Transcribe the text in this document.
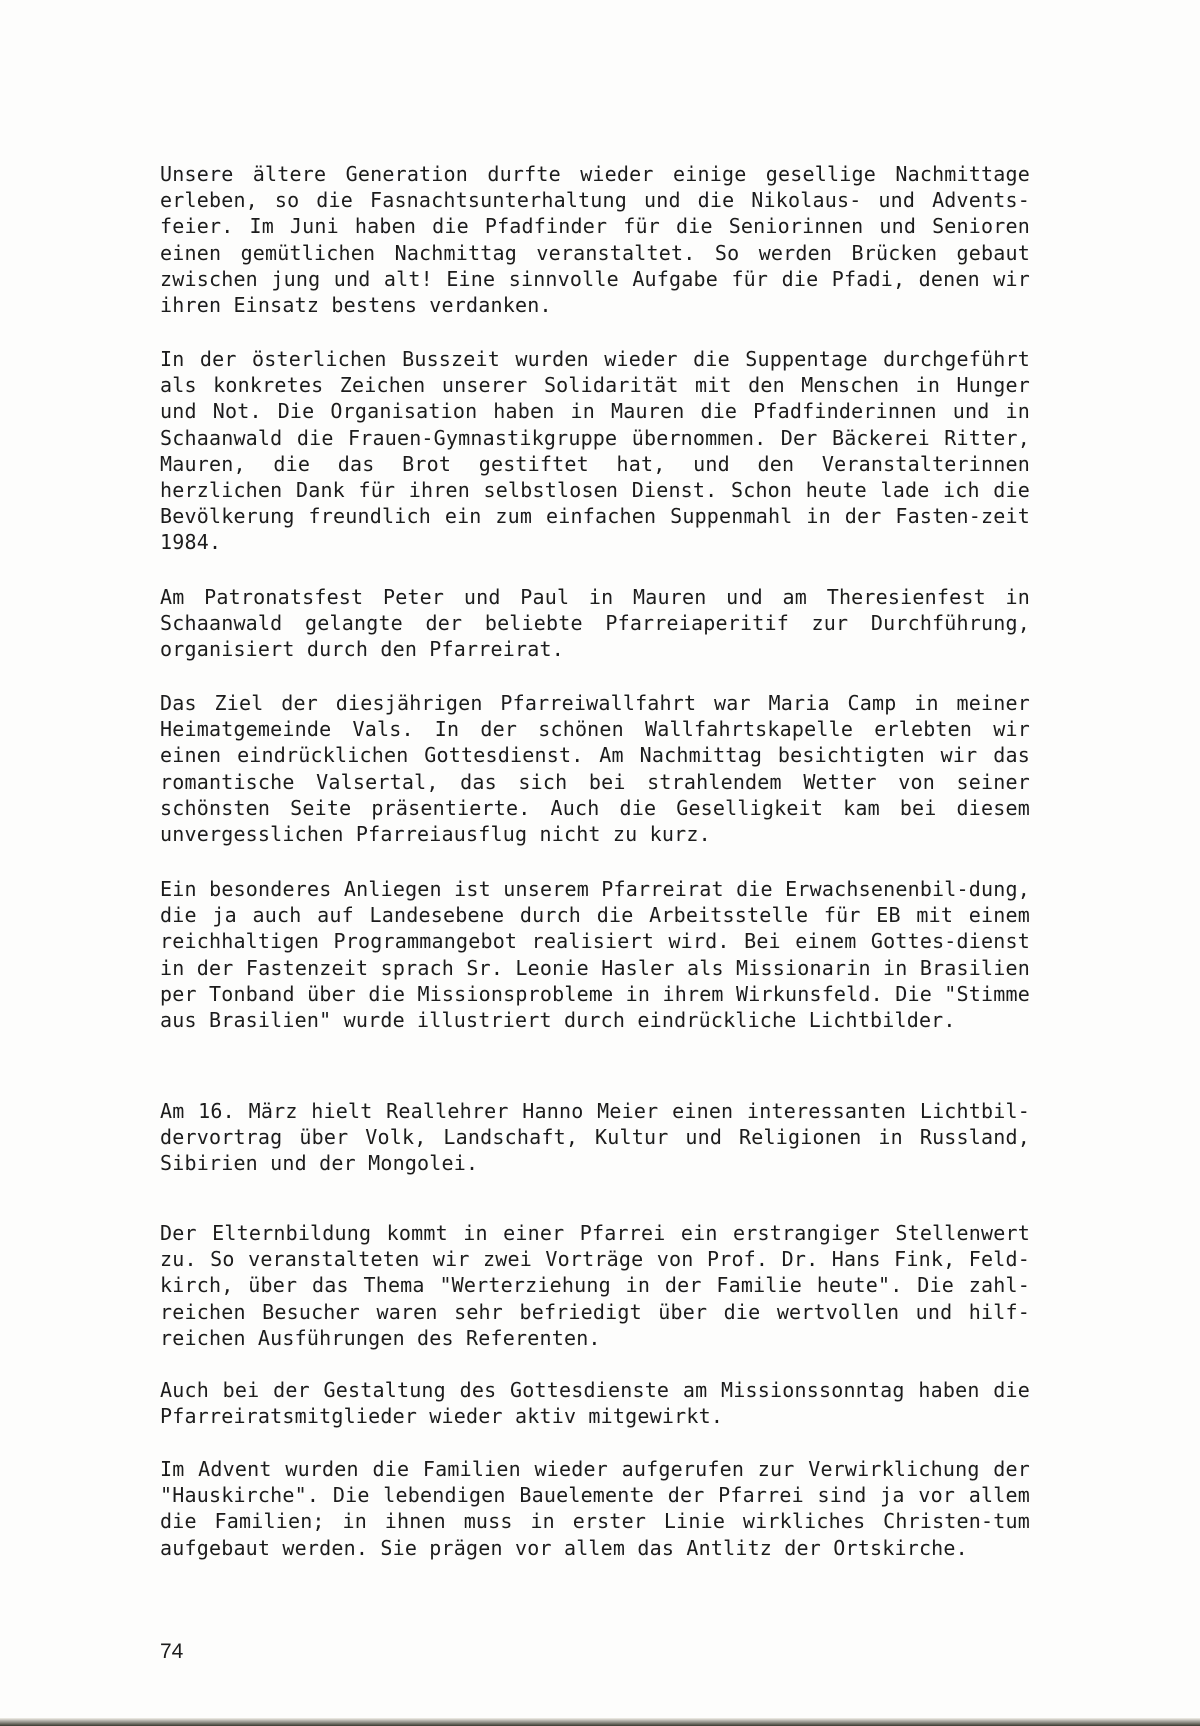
Unsere ältere Generation durfte wieder einige gesellige Nachmittage erleben, so die Fasnachtsunterhaltung und die Nikolaus- und Advents-feier. Im Juni haben die Pfadfinder für die Seniorinnen und Senioren einen gemütlichen Nachmittag veranstaltet. So werden Brücken gebaut zwischen jung und alt! Eine sinnvolle Aufgabe für die Pfadi, denen wir ihren Einsatz bestens verdanken.

In der österlichen Busszeit wurden wieder die Suppentage durchgeführt als konkretes Zeichen unserer Solidarität mit den Menschen in Hunger und Not. Die Organisation haben in Mauren die Pfadfinderinnen und in Schaanwald die Frauen-Gymnastikgruppe übernommen. Der Bäckerei Ritter, Mauren, die das Brot gestiftet hat, und den Veranstalterinnen herzlichen Dank für ihren selbstlosen Dienst. Schon heute lade ich die Bevölkerung freundlich ein zum einfachen Suppenmahl in der Fasten-zeit 1984.

Am Patronatsfest Peter und Paul in Mauren und am Theresienfest in Schaanwald gelangte der beliebte Pfarreiaperitif zur Durchführung, organisiert durch den Pfarreirat.

Das Ziel der diesjährigen Pfarreiwallfahrt war Maria Camp in meiner Heimatgemeinde Vals. In der schönen Wallfahrtskapelle erlebten wir einen eindrücklichen Gottesdienst. Am Nachmittag besichtigten wir das romantische Valsertal, das sich bei strahlendem Wetter von seiner schönsten Seite präsentierte. Auch die Geselligkeit kam bei diesem unvergesslichen Pfarreiausflug nicht zu kurz.

Ein besonderes Anliegen ist unserem Pfarreirat die Erwachsenenbil-dung, die ja auch auf Landesebene durch die Arbeitsstelle für EB mit einem reichhaltigen Programmangebot realisiert wird. Bei einem Gottes-dienst in der Fastenzeit sprach Sr. Leonie Hasler als Missionarin in Brasilien per Tonband über die Missionsprobleme in ihrem Wirkunsfeld. Die "Stimme aus Brasilien" wurde illustriert durch eindrückliche Lichtbilder.

Am 16. März hielt Reallehrer Hanno Meier einen interessanten Lichtbil-dervortrag über Volk, Landschaft, Kultur und Religionen in Russland, Sibirien und der Mongolei.

Der Elternbildung kommt in einer Pfarrei ein erstrangiger Stellenwert zu. So veranstalteten wir zwei Vorträge von Prof. Dr. Hans Fink, Feld-kirch, über das Thema "Werterziehung in der Familie heute". Die zahl-reichen Besucher waren sehr befriedigt über die wertvollen und hilf-reichen Ausführungen des Referenten.

Auch bei der Gestaltung des Gottesdienste am Missionssonntag haben die Pfarreiratsmitglieder wieder aktiv mitgewirkt.

Im Advent wurden die Familien wieder aufgerufen zur Verwirklichung der "Hauskirche". Die lebendigen Bauelemente der Pfarrei sind ja vor allem die Familien; in ihnen muss in erster Linie wirkliches Christen-tum aufgebaut werden. Sie prägen vor allem das Antlitz der Ortskirche.

74
